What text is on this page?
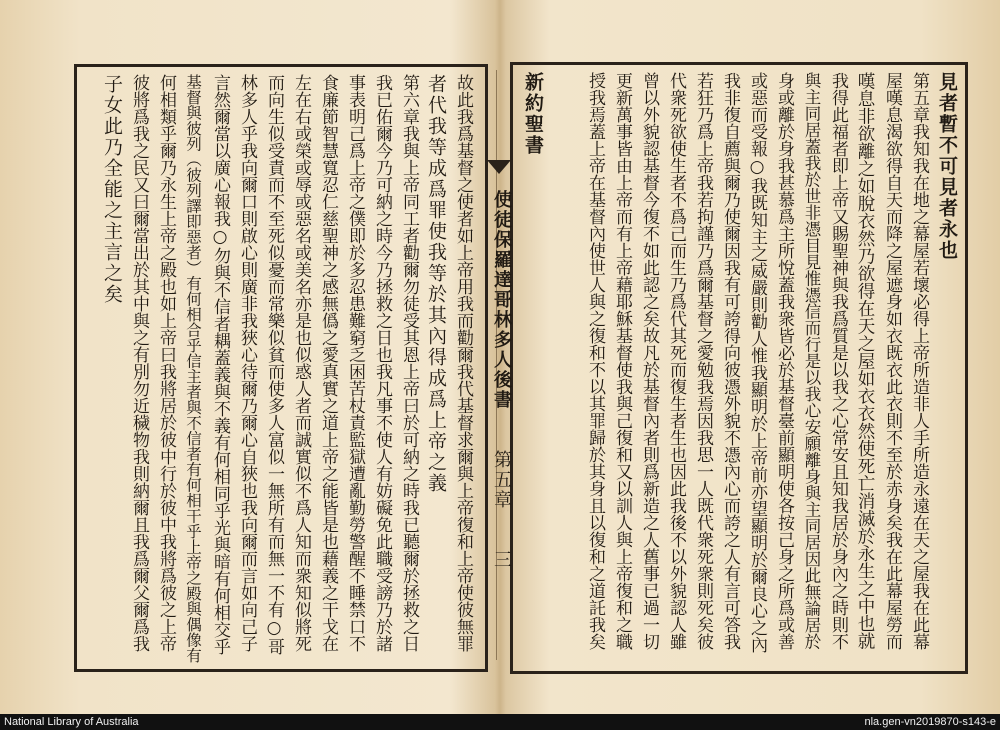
見者暫不可見者永也
第五章我知我在地之幕屋若壞必得上帝所造非人手所造永遠在天之屋我在此幕
屋嘆息渴欲得自天而降之屋遮身如衣既衣此衣則不至於赤身矣我在此幕屋勞而
嘆息非欲離之如脫衣然乃欲得在天之屋如衣衣然使死亡消滅於永生之中也就
我得此福者即上帝又賜聖神與我爲質是以我之心常安且知我居於身內之時則不
與主同居蓋我於世非憑目見惟憑信而行是以我心安願離身與主同居因此無論居於
身或離於身我甚慕爲主所悅蓋我衆皆必於基督臺前顯明使各按己身之所爲或善
或惡而受報○我既知主之威嚴則勸人惟我顯明於上帝前亦望顯明於爾良心之內
我非復自薦與爾乃使爾因我有可誇得向彼憑外貌不憑內心而誇之人有言可答我
若狂乃爲上帝我若拘謹乃爲爾基督之愛勉我焉因我思一人既代衆死衆則死矣彼
代衆死欲使生者不爲己而生乃爲代其死而復生者生也因此我後不以外貌認人雖
曾以外貌認基督今復不如此認之矣故凡於基督內者則爲新造之人舊事已過一切
更新萬事皆由上帝而有上帝藉耶穌基督使我與己復和又以訓人與上帝復和之職
授我焉蓋上帝在基督內使世人與之復和不以其罪歸於其身且以復和之道託我矣
新約聖書
使徒保羅達哥林多人後書
第五章
三
故此我爲基督之使者如上帝用我而勸爾我代基督求爾與上帝復和上帝使彼無罪
者代我等成爲罪使我等於其內得成爲上帝之義
第六章我與上帝同工者勸爾勿徒受其恩上帝曰於可納之時我已聽爾於拯救之日
我已佑爾今乃可納之時今乃拯救之日也我凡事不使人有妨礙免此職受謗乃於諸
事表明己爲上帝之僕即於多忍患難窮乏困苦杖責監獄遭亂勤勞警醒不睡禁口不
食廉節智慧寬忍仁慈聖神之感無僞之愛真實之道上帝之能皆是也藉義之干戈在
左在右或榮或辱或惡名或美名亦是也似惑人者而誠實似不爲人知而衆知似將死
而向生似受責而不至死似憂而常樂似貧而使多人富似一無所有而無一不有○哥
林多人乎我向爾口則啟心則廣非我狹心待爾乃爾心自狹也我向爾而言如向己子
言然爾當以廣心報我○勿與不信者耦蓋義與不義有何相同乎光與暗有何相交乎
基督與彼列（彼列譯即惡者）有何相合乎信主者與不信者有何相干乎上帝之殿與偶像有
何相類乎爾乃永生上帝之殿也如上帝曰我將居於彼中行於彼中我將爲彼之上帝
彼將爲我之民又曰爾當出於其中與之有別勿近穢物我則納爾且我爲爾父爾爲我
子女此乃全能之主言之矣
National Library of Australia	nla.gen-vn2019870-s143-e
